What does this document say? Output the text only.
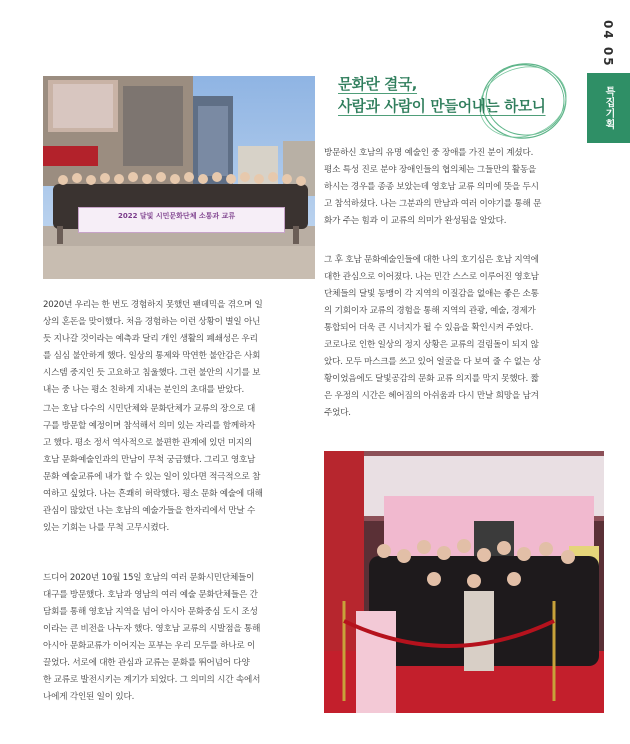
04 05
특집기획
문화란 결국,
사람과 사람이 만들어내는 하모니
2022 달빛 시민문화단체 소통과 교류

2020년 우리는 한 번도 경험하지 못했던 팬데믹을 겪으며 일
상의 혼돈을 맞이했다. 처음 경험하는 이런 상황이 별일 아닌
듯 지나갈 것이라는 예측과 달리 개인 생활의 폐쇄성은 우리
를 심심 불안하게 했다. 일상의 통제와 막연한 불안감은 사회
시스템 중지인 듯 고요하고 침울했다. 그런 불안의 시기를 보
내는 중 나는 평소 친하게 지내는 분인의 초대를 받았다.

그는 호남 다수의 시민단체와 문화단체가 교류의 장으로 대
구를 방문할 예정이며 참석해서 의미 있는 자리를 함께하자
고 했다. 평소 정서 역사적으로 불편한 관계에 있던 미지의
호남 문화예술인과의 만남이 무척 궁금했다. 그리고 영호남
문화 예술교류에 내가 할 수 있는 일이 있다면 적극적으로 참
여하고 싶었다. 나는 흔쾌히 허락했다. 평소 문화 예술에 대해
관심이 많았던 나는 호남의 예술가들을 한자리에서 만날 수
있는 기회는 나를 무척 고무시켰다.

드디어 2020년 10월 15일 호남의 여러 문화시민단체들이
대구를 방문했다. 호남과 영남의 여러 예술 문화단체들은 간
담회를 통해 영호남 지역을 넘어 아시아 문화중심 도시 조성
이라는 큰 비전을 나누자 했다. 영호남 교류의 시발점을 통해
아시아 문화교류가 이어지는 포부는 우리 모두를 하나로 이
끌었다. 서로에 대한 관심과 교류는 문화를 뛰어넘어 다양
한 교류로 발전시키는 계기가 되었다. 그 의미의 시간 속에서
나에게 각인된 일이 있다.

방문하신 호남의 유명 예술인 중 장애를 가진 분이 계셨다.
평소 특성 진로 분야 장애인들의 협의체는 그들만의 활동을
하시는 경우를 종종 보았는데 영호남 교류 의미에 뜻을 두시
고 참석하셨다. 나는 그분과의 만남과 여러 이야기를 통해 문
화가 주는 힘과 이 교류의 의미가 완성됨을 알았다.

그 후 호남 문화예술인들에 대한 나의 호기심은 호남 지역에
대한 관심으로 이어졌다. 나는 민간 스스로 이루어진 영호남
단체들의 달빛 동맹이 각 지역의 이질감을 없애는 좋은 소통
의 기회이자 교류의 경험을 통해 지역의 관광, 예술, 경제가
통합되어 더욱 큰 시너지가 될 수 있음을 확인시켜 주었다.
코로나로 인한 일상의 정지 상황은 교류의 걸림돌이 되지 않
았다. 모두 마스크를 쓰고 있어 얼굴을 다 보여 줄 수 없는 상
황이었음에도 달빛공감의 문화 교류 의지를 막지 못했다. 짧
은 우정의 시간은 헤어짐의 아쉬움과 다시 만날 희망을 남겨
주었다.
